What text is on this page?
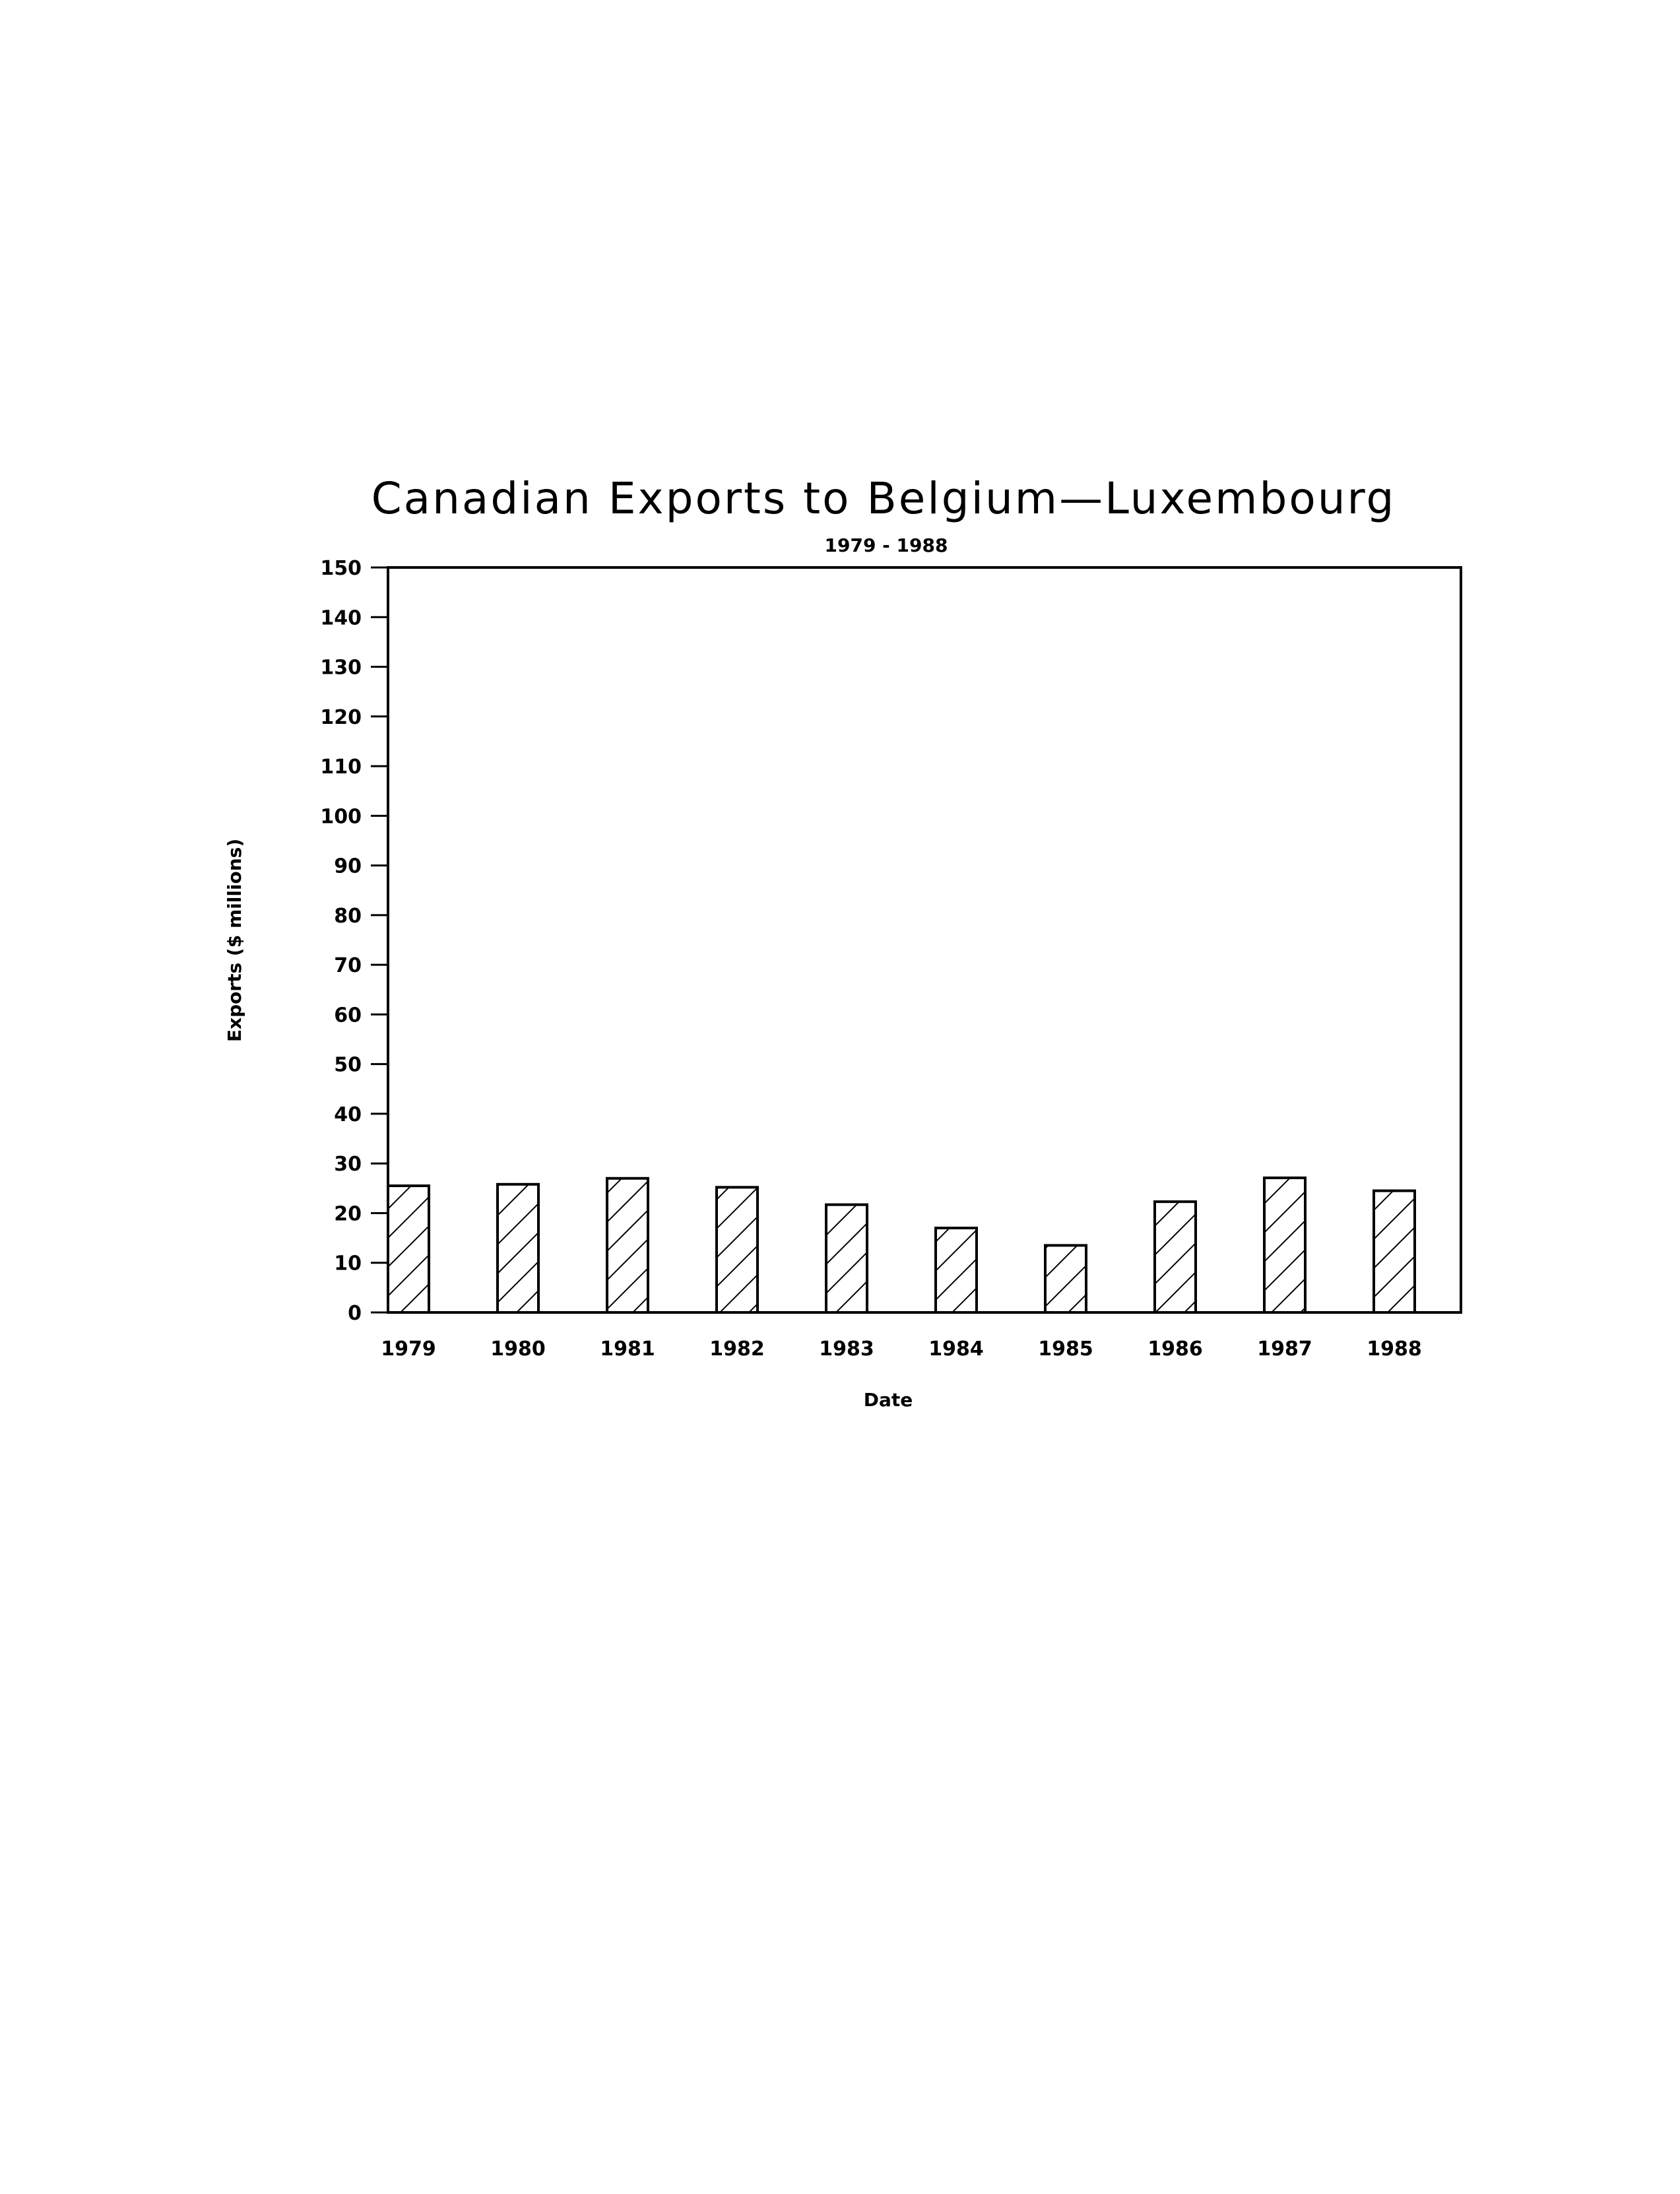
Canadian Exports to Belgium—Luxembourg
1979 - 1988
0
10
20
30
40
50
60
70
80
90
100
110
120
130
140
150
1979	1980	1981	1982	1983	1984	1985	1986	1987	1988
Date
Exports ($ millions)
